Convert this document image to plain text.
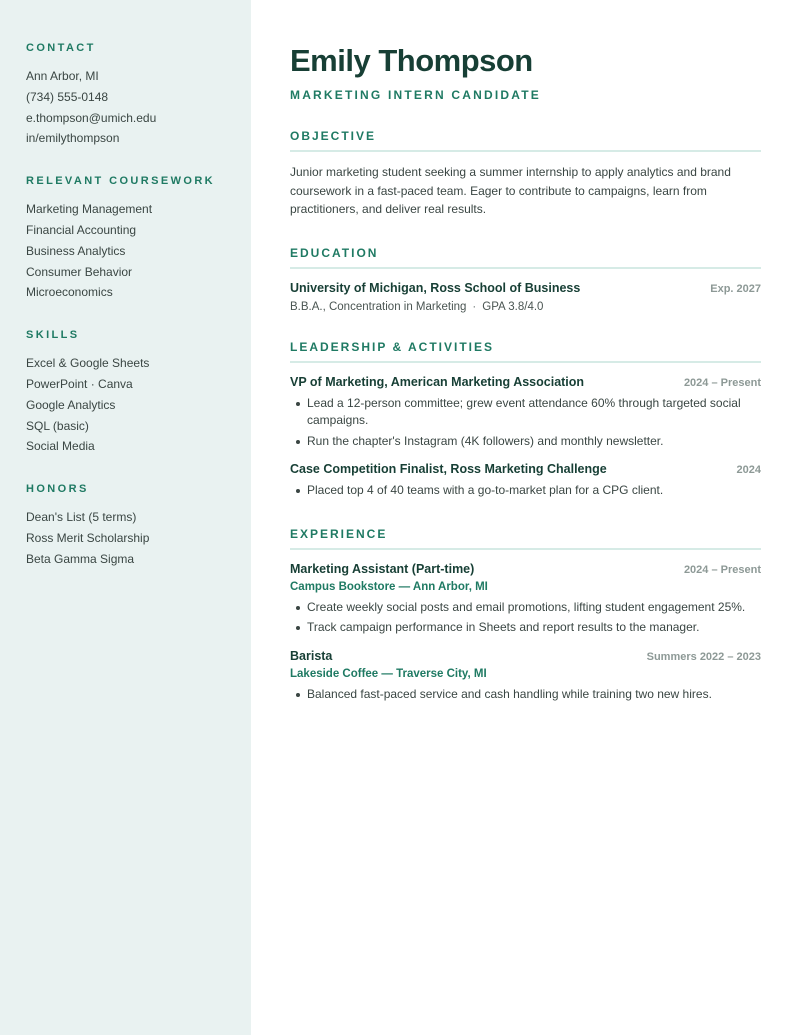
CONTACT
Ann Arbor, MI
(734) 555-0148
e.thompson@umich.edu
in/emilythompson
RELEVANT COURSEWORK
Marketing Management
Financial Accounting
Business Analytics
Consumer Behavior
Microeconomics
SKILLS
Excel & Google Sheets
PowerPoint · Canva
Google Analytics
SQL (basic)
Social Media
HONORS
Dean's List (5 terms)
Ross Merit Scholarship
Beta Gamma Sigma
Emily Thompson
MARKETING INTERN CANDIDATE
OBJECTIVE

Junior marketing student seeking a summer internship to apply analytics and brand coursework in a fast-paced team. Eager to contribute to campaigns, learn from practitioners, and deliver real results.

EDUCATION
University of Michigan, Ross School of Business	Exp. 2027
B.B.A., Concentration in Marketing · GPA 3.8/4.0
LEADERSHIP & ACTIVITIES
VP of Marketing, American Marketing Association	2024 – Present
Lead a 12-person committee; grew event attendance 60% through targeted social campaigns.
Run the chapter's Instagram (4K followers) and monthly newsletter.
Case Competition Finalist, Ross Marketing Challenge	2024
Placed top 4 of 40 teams with a go-to-market plan for a CPG client.
EXPERIENCE
Marketing Assistant (Part-time)	2024 – Present
Campus Bookstore — Ann Arbor, MI
Create weekly social posts and email promotions, lifting student engagement 25%.
Track campaign performance in Sheets and report results to the manager.
Barista	Summers 2022 – 2023
Lakeside Coffee — Traverse City, MI
Balanced fast-paced service and cash handling while training two new hires.
